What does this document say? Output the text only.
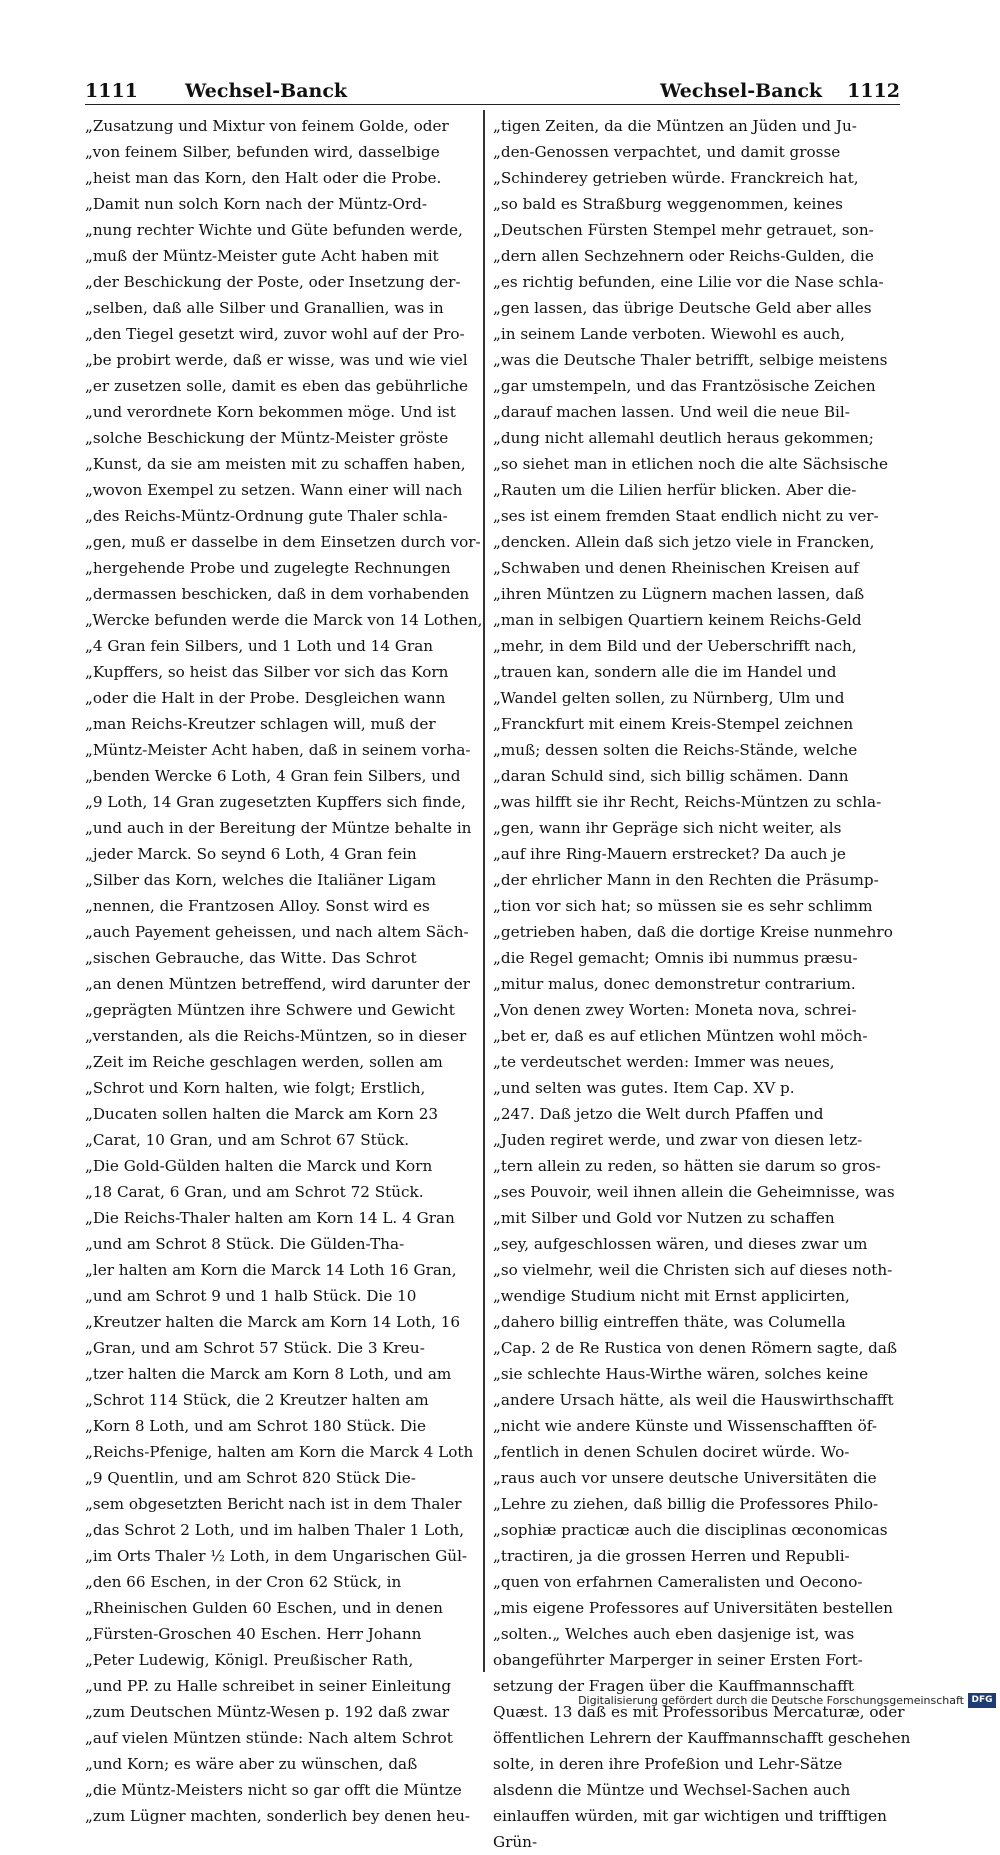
1111 Wechsel-Banck	Wechsel-Banck 1112
„Zusatzung und Mixtur von feinem Golde, oder
„von feinem Silber, befunden wird, dasselbige
„heist man das Korn, den Halt oder die Probe.
„Damit nun solch Korn nach der Müntz-Ord-
„nung rechter Wichte und Güte befunden werde,
„muß der Müntz-Meister gute Acht haben mit
„der Beschickung der Poste, oder Insetzung der-
„selben, daß alle Silber und Granallien, was in
„den Tiegel gesetzt wird, zuvor wohl auf der Pro-
„be probirt werde, daß er wisse, was und wie viel
„er zusetzen solle, damit es eben das gebührliche
„und verordnete Korn bekommen möge. Und ist
„solche Beschickung der Müntz-Meister gröste
„Kunst, da sie am meisten mit zu schaffen haben,
„wovon Exempel zu setzen. Wann einer will nach
„des Reichs-Müntz-Ordnung gute Thaler schla-
„gen, muß er dasselbe in dem Einsetzen durch vor-
„hergehende Probe und zugelegte Rechnungen
„dermassen beschicken, daß in dem vorhabenden
„Wercke befunden werde die Marck von 14 Lothen,
„4 Gran fein Silbers, und 1 Loth und 14 Gran
„Kupffers, so heist das Silber vor sich das Korn
„oder die Halt in der Probe. Desgleichen wann
„man Reichs-Kreutzer schlagen will, muß der
„Müntz-Meister Acht haben, daß in seinem vorha-
„benden Wercke 6 Loth, 4 Gran fein Silbers, und
„9 Loth, 14 Gran zugesetzten Kupffers sich finde,
„und auch in der Bereitung der Müntze behalte in
„jeder Marck. So seynd 6 Loth, 4 Gran fein
„Silber das Korn, welches die Italiäner Ligam
„nennen, die Frantzosen Alloy. Sonst wird es
„auch Payement geheissen, und nach altem Säch-
„sischen Gebrauche, das Witte. Das Schrot
„an denen Müntzen betreffend, wird darunter der
„geprägten Müntzen ihre Schwere und Gewicht
„verstanden, als die Reichs-Müntzen, so in dieser
„Zeit im Reiche geschlagen werden, sollen am
„Schrot und Korn halten, wie folgt; Erstlich,
„Ducaten sollen halten die Marck am Korn 23
„Carat, 10 Gran, und am Schrot 67 Stück.
„Die Gold-Gülden halten die Marck und Korn
„18 Carat, 6 Gran, und am Schrot 72 Stück.
„Die Reichs-Thaler halten am Korn 14 L. 4 Gran
„und am Schrot 8 Stück. Die Gülden-Tha-
„ler halten am Korn die Marck 14 Loth 16 Gran,
„und am Schrot 9 und 1 halb Stück. Die 10
„Kreutzer halten die Marck am Korn 14 Loth, 16
„Gran, und am Schrot 57 Stück. Die 3 Kreu-
„tzer halten die Marck am Korn 8 Loth, und am
„Schrot 114 Stück, die 2 Kreutzer halten am
„Korn 8 Loth, und am Schrot 180 Stück. Die
„Reichs-Pfenige, halten am Korn die Marck 4 Loth
„9 Quentlin, und am Schrot 820 Stück Die-
„sem obgesetzten Bericht nach ist in dem Thaler
„das Schrot 2 Loth, und im halben Thaler 1 Loth,
„im Orts Thaler ½ Loth, in dem Ungarischen Gül-
„den 66 Eschen, in der Cron 62 Stück, in
„Rheinischen Gulden 60 Eschen, und in denen
„Fürsten-Groschen 40 Eschen. Herr Johann
„Peter Ludewig, Königl. Preußischer Rath,
„und PP. zu Halle schreibet in seiner Einleitung
„zum Deutschen Müntz-Wesen p. 192 daß zwar
„auf vielen Müntzen stünde: Nach altem Schrot
„und Korn; es wäre aber zu wünschen, daß
„die Müntz-Meisters nicht so gar offt die Müntze
„zum Lügner machten, sonderlich bey denen heu-
„tigen Zeiten, da die Müntzen an Jüden und Ju-
„den-Genossen verpachtet, und damit grosse
„Schinderey getrieben würde. Franckreich hat,
„so bald es Straßburg weggenommen, keines
„Deutschen Fürsten Stempel mehr getrauet, son-
„dern allen Sechzehnern oder Reichs-Gulden, die
„es richtig befunden, eine Lilie vor die Nase schla-
„gen lassen, das übrige Deutsche Geld aber alles
„in seinem Lande verboten. Wiewohl es auch,
„was die Deutsche Thaler betrifft, selbige meistens
„gar umstempeln, und das Frantzösische Zeichen
„darauf machen lassen. Und weil die neue Bil-
„dung nicht allemahl deutlich heraus gekommen;
„so siehet man in etlichen noch die alte Sächsische
„Rauten um die Lilien herfür blicken. Aber die-
„ses ist einem fremden Staat endlich nicht zu ver-
„dencken. Allein daß sich jetzo viele in Francken,
„Schwaben und denen Rheinischen Kreisen auf
„ihren Müntzen zu Lügnern machen lassen, daß
„man in selbigen Quartiern keinem Reichs-Geld
„mehr, in dem Bild und der Ueberschrifft nach,
„trauen kan, sondern alle die im Handel und
„Wandel gelten sollen, zu Nürnberg, Ulm und
„Franckfurt mit einem Kreis-Stempel zeichnen
„muß; dessen solten die Reichs-Stände, welche
„daran Schuld sind, sich billig schämen. Dann
„was hilfft sie ihr Recht, Reichs-Müntzen zu schla-
„gen, wann ihr Gepräge sich nicht weiter, als
„auf ihre Ring-Mauern erstrecket? Da auch je
„der ehrlicher Mann in den Rechten die Präsump-
„tion vor sich hat; so müssen sie es sehr schlimm
„getrieben haben, daß die dortige Kreise nunmehro
„die Regel gemacht; Omnis ibi nummus præsu-
„mitur malus, donec demonstretur contrarium.
„Von denen zwey Worten: Moneta nova, schrei-
„bet er, daß es auf etlichen Müntzen wohl möch-
„te verdeutschet werden: Immer was neues,
„und selten was gutes. Item Cap. XV p.
„247. Daß jetzo die Welt durch Pfaffen und
„Juden regiret werde, und zwar von diesen letz-
„tern allein zu reden, so hätten sie darum so gros-
„ses Pouvoir, weil ihnen allein die Geheimnisse, was
„mit Silber und Gold vor Nutzen zu schaffen
„sey, aufgeschlossen wären, und dieses zwar um
„so vielmehr, weil die Christen sich auf dieses noth-
„wendige Studium nicht mit Ernst applicirten,
„dahero billig eintreffen thäte, was Columella
„Cap. 2 de Re Rustica von denen Römern sagte, daß
„sie schlechte Haus-Wirthe wären, solches keine
„andere Ursach hätte, als weil die Hauswirthschafft
„nicht wie andere Künste und Wissenschafften öf-
„fentlich in denen Schulen dociret würde. Wo-
„raus auch vor unsere deutsche Universitäten die
„Lehre zu ziehen, daß billig die Professores Philo-
„sophiæ practicæ auch die disciplinas œconomicas
„tractiren, ja die grossen Herren und Republi-
„quen von erfahrnen Cameralisten und Oecono-
„mis eigene Professores auf Universitäten bestellen
„solten.„ Welches auch eben dasjenige ist, was
obangeführter Marperger in seiner Ersten Fort-
setzung der Fragen über die Kauffmannschafft
Quæst. 13 daß es mit Professoribus Mercaturæ, oder
öffentlichen Lehrern der Kauffmannschafft geschehen
solte, in deren ihre Profeßion und Lehr-Sätze
alsdenn die Müntze und Wechsel-Sachen auch
einlauffen würden, mit gar wichtigen und trifftigen
Grün-
Digitalisierung gefördert durch die Deutsche Forschungsgemeinschaft DFG
